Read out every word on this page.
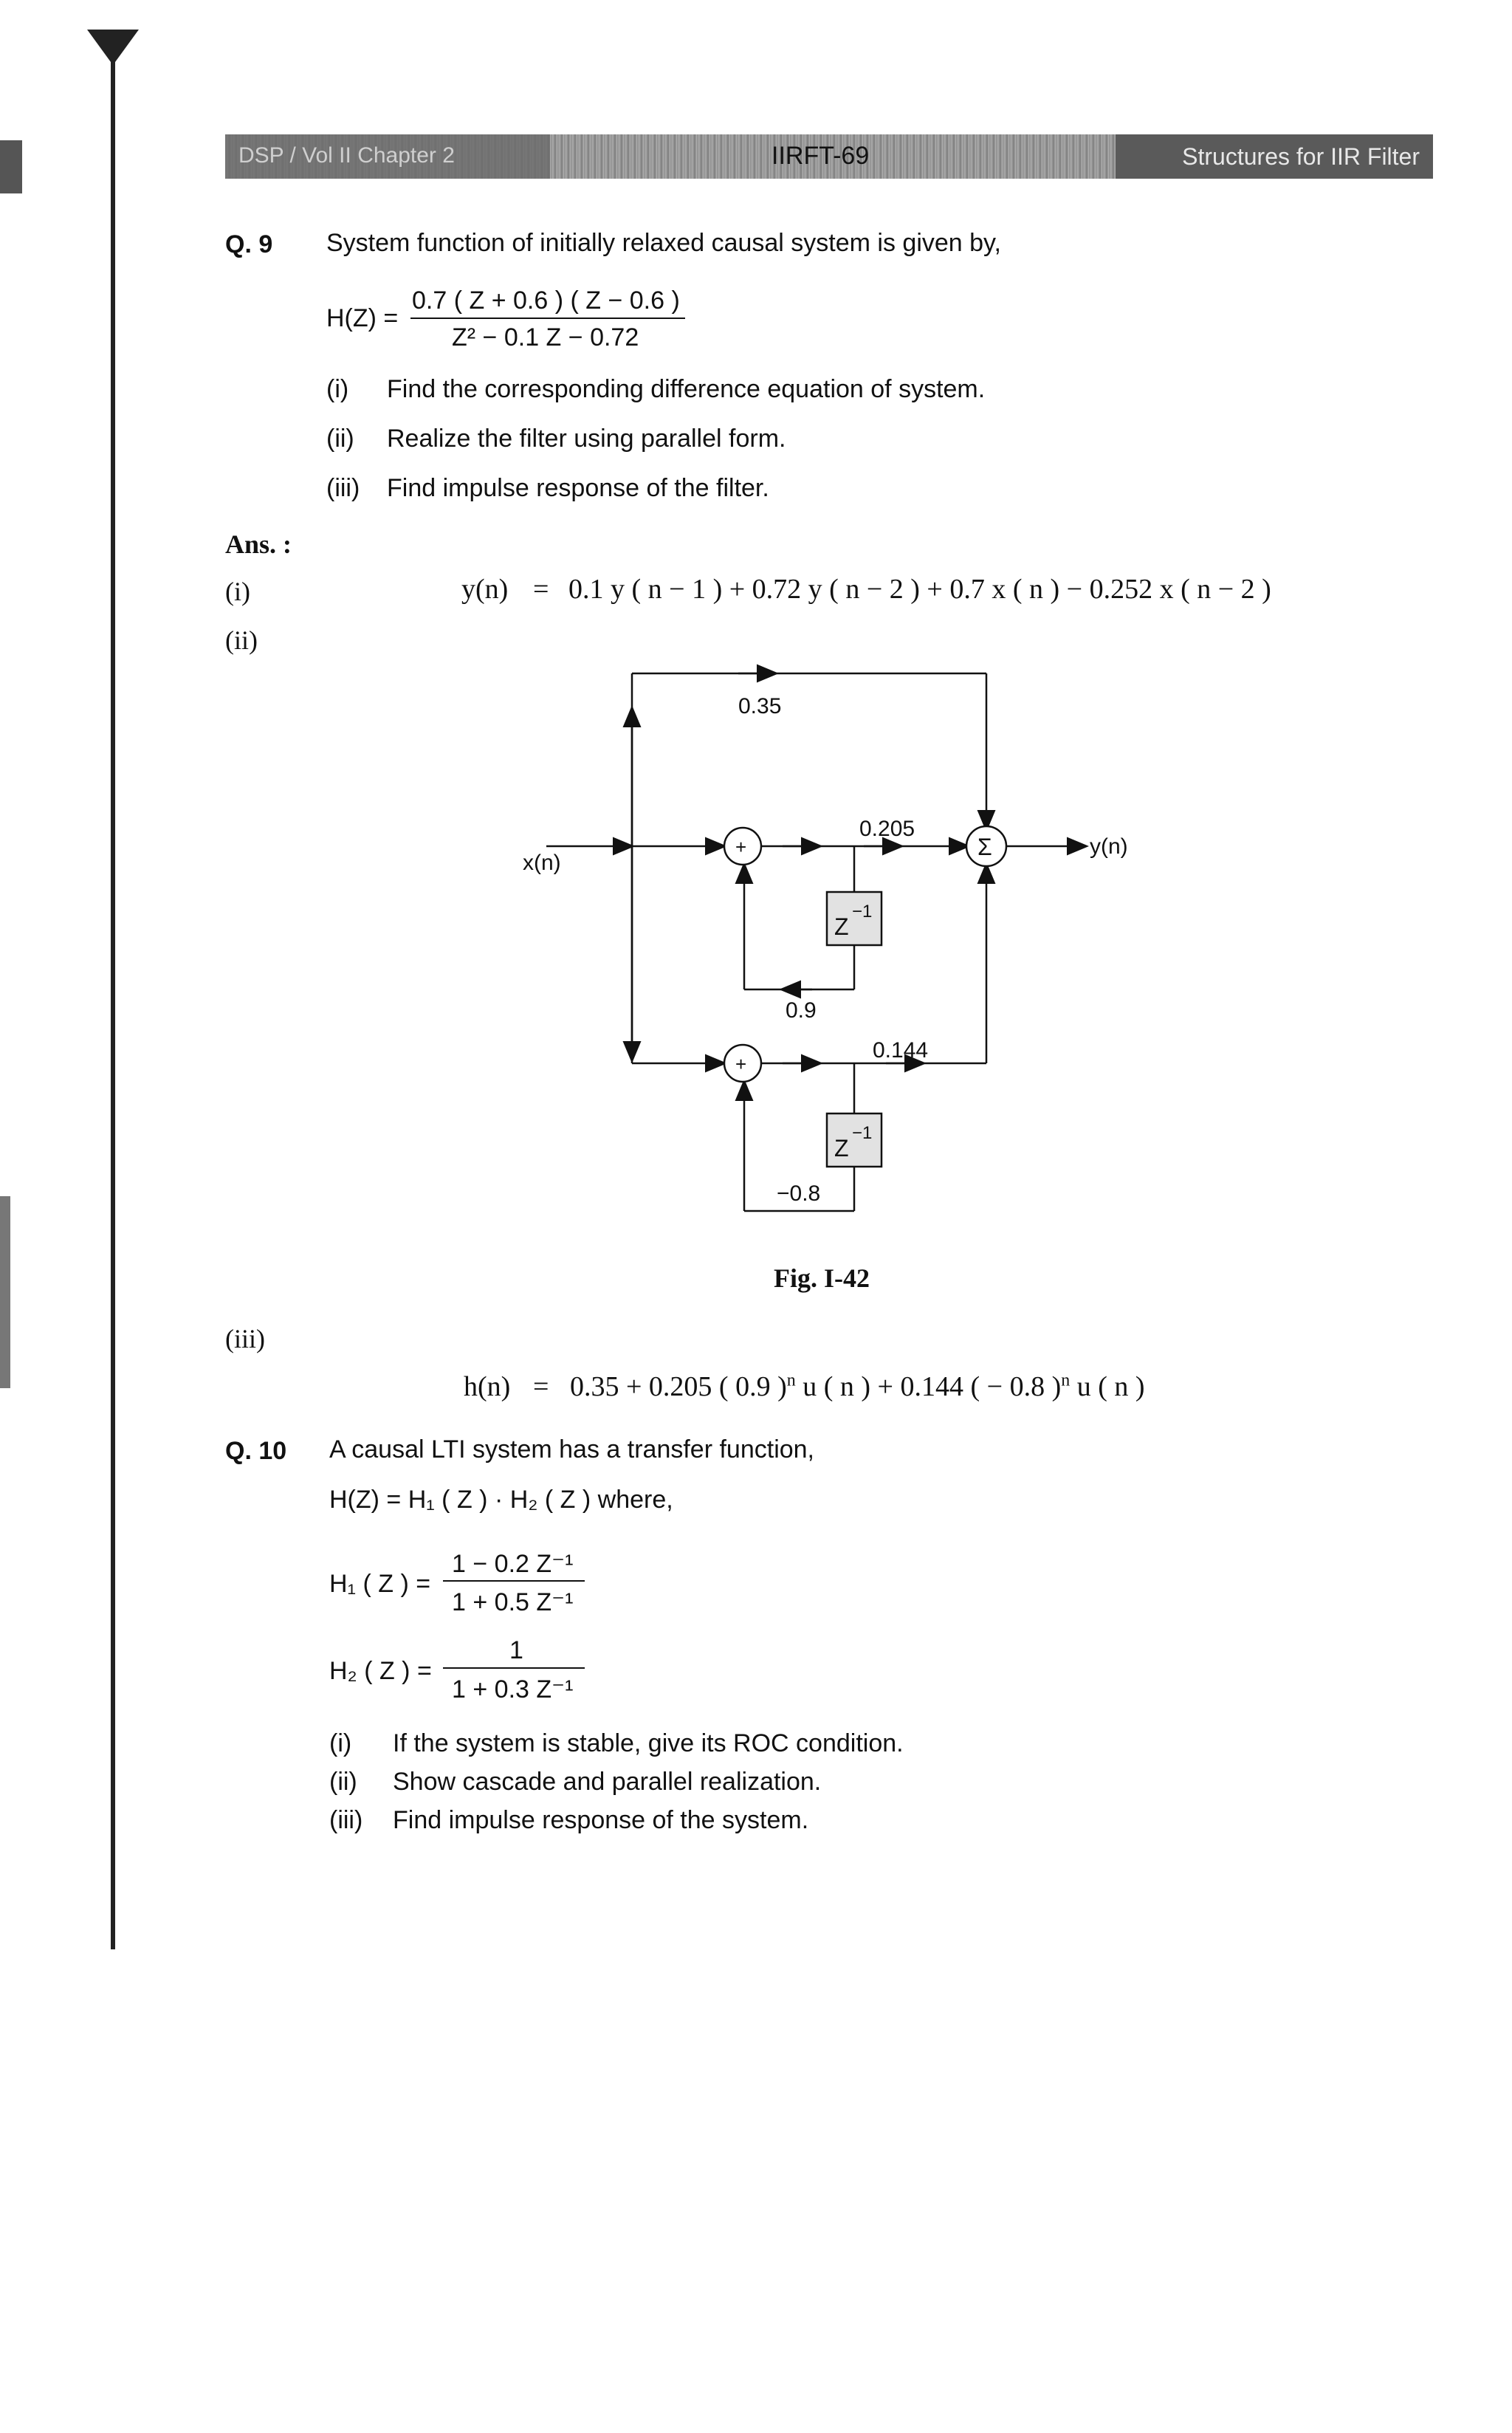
DSP / Vol II Chapter 2	IIRFT-69	Structures for IIR Filter
Q. 9 System function of initially relaxed causal system is given by,
H(Z) =
0.7 ( Z + 0.6 ) ( Z − 0.6 )
Z² − 0.1 Z − 0.72
(i) Find the corresponding difference equation of system.
(ii) Realize the filter using parallel form.
(iii) Find impulse response of the filter.
Ans. :
(i)	y(n) = 0.1 y ( n − 1 ) + 0.72 y ( n − 2 ) + 0.7 x ( n ) − 0.252 x ( n − 2 )
(ii)
x(n)
y(n)
0.35
0.205
0.9
0.144
−0.8
+
+
Σ
Z
−1
Z
−1
Fig. I-42
(iii)
h(n) = 0.35 + 0.205 ( 0.9 )$^n$ u ( n ) + 0.144 ( − 0.8 )$^n$ u ( n )
Q. 10 A causal LTI system has a transfer function,
H(Z) = H₁ ( Z ) · H₂ ( Z ) where,
H₁ ( Z ) =
1 − 0.2 Z⁻¹
1 + 0.5 Z⁻¹
H₂ ( Z ) =
1
1 + 0.3 Z⁻¹
(i) If the system is stable, give its ROC condition.
(ii) Show cascade and parallel realization.
(iii) Find impulse response of the system.
